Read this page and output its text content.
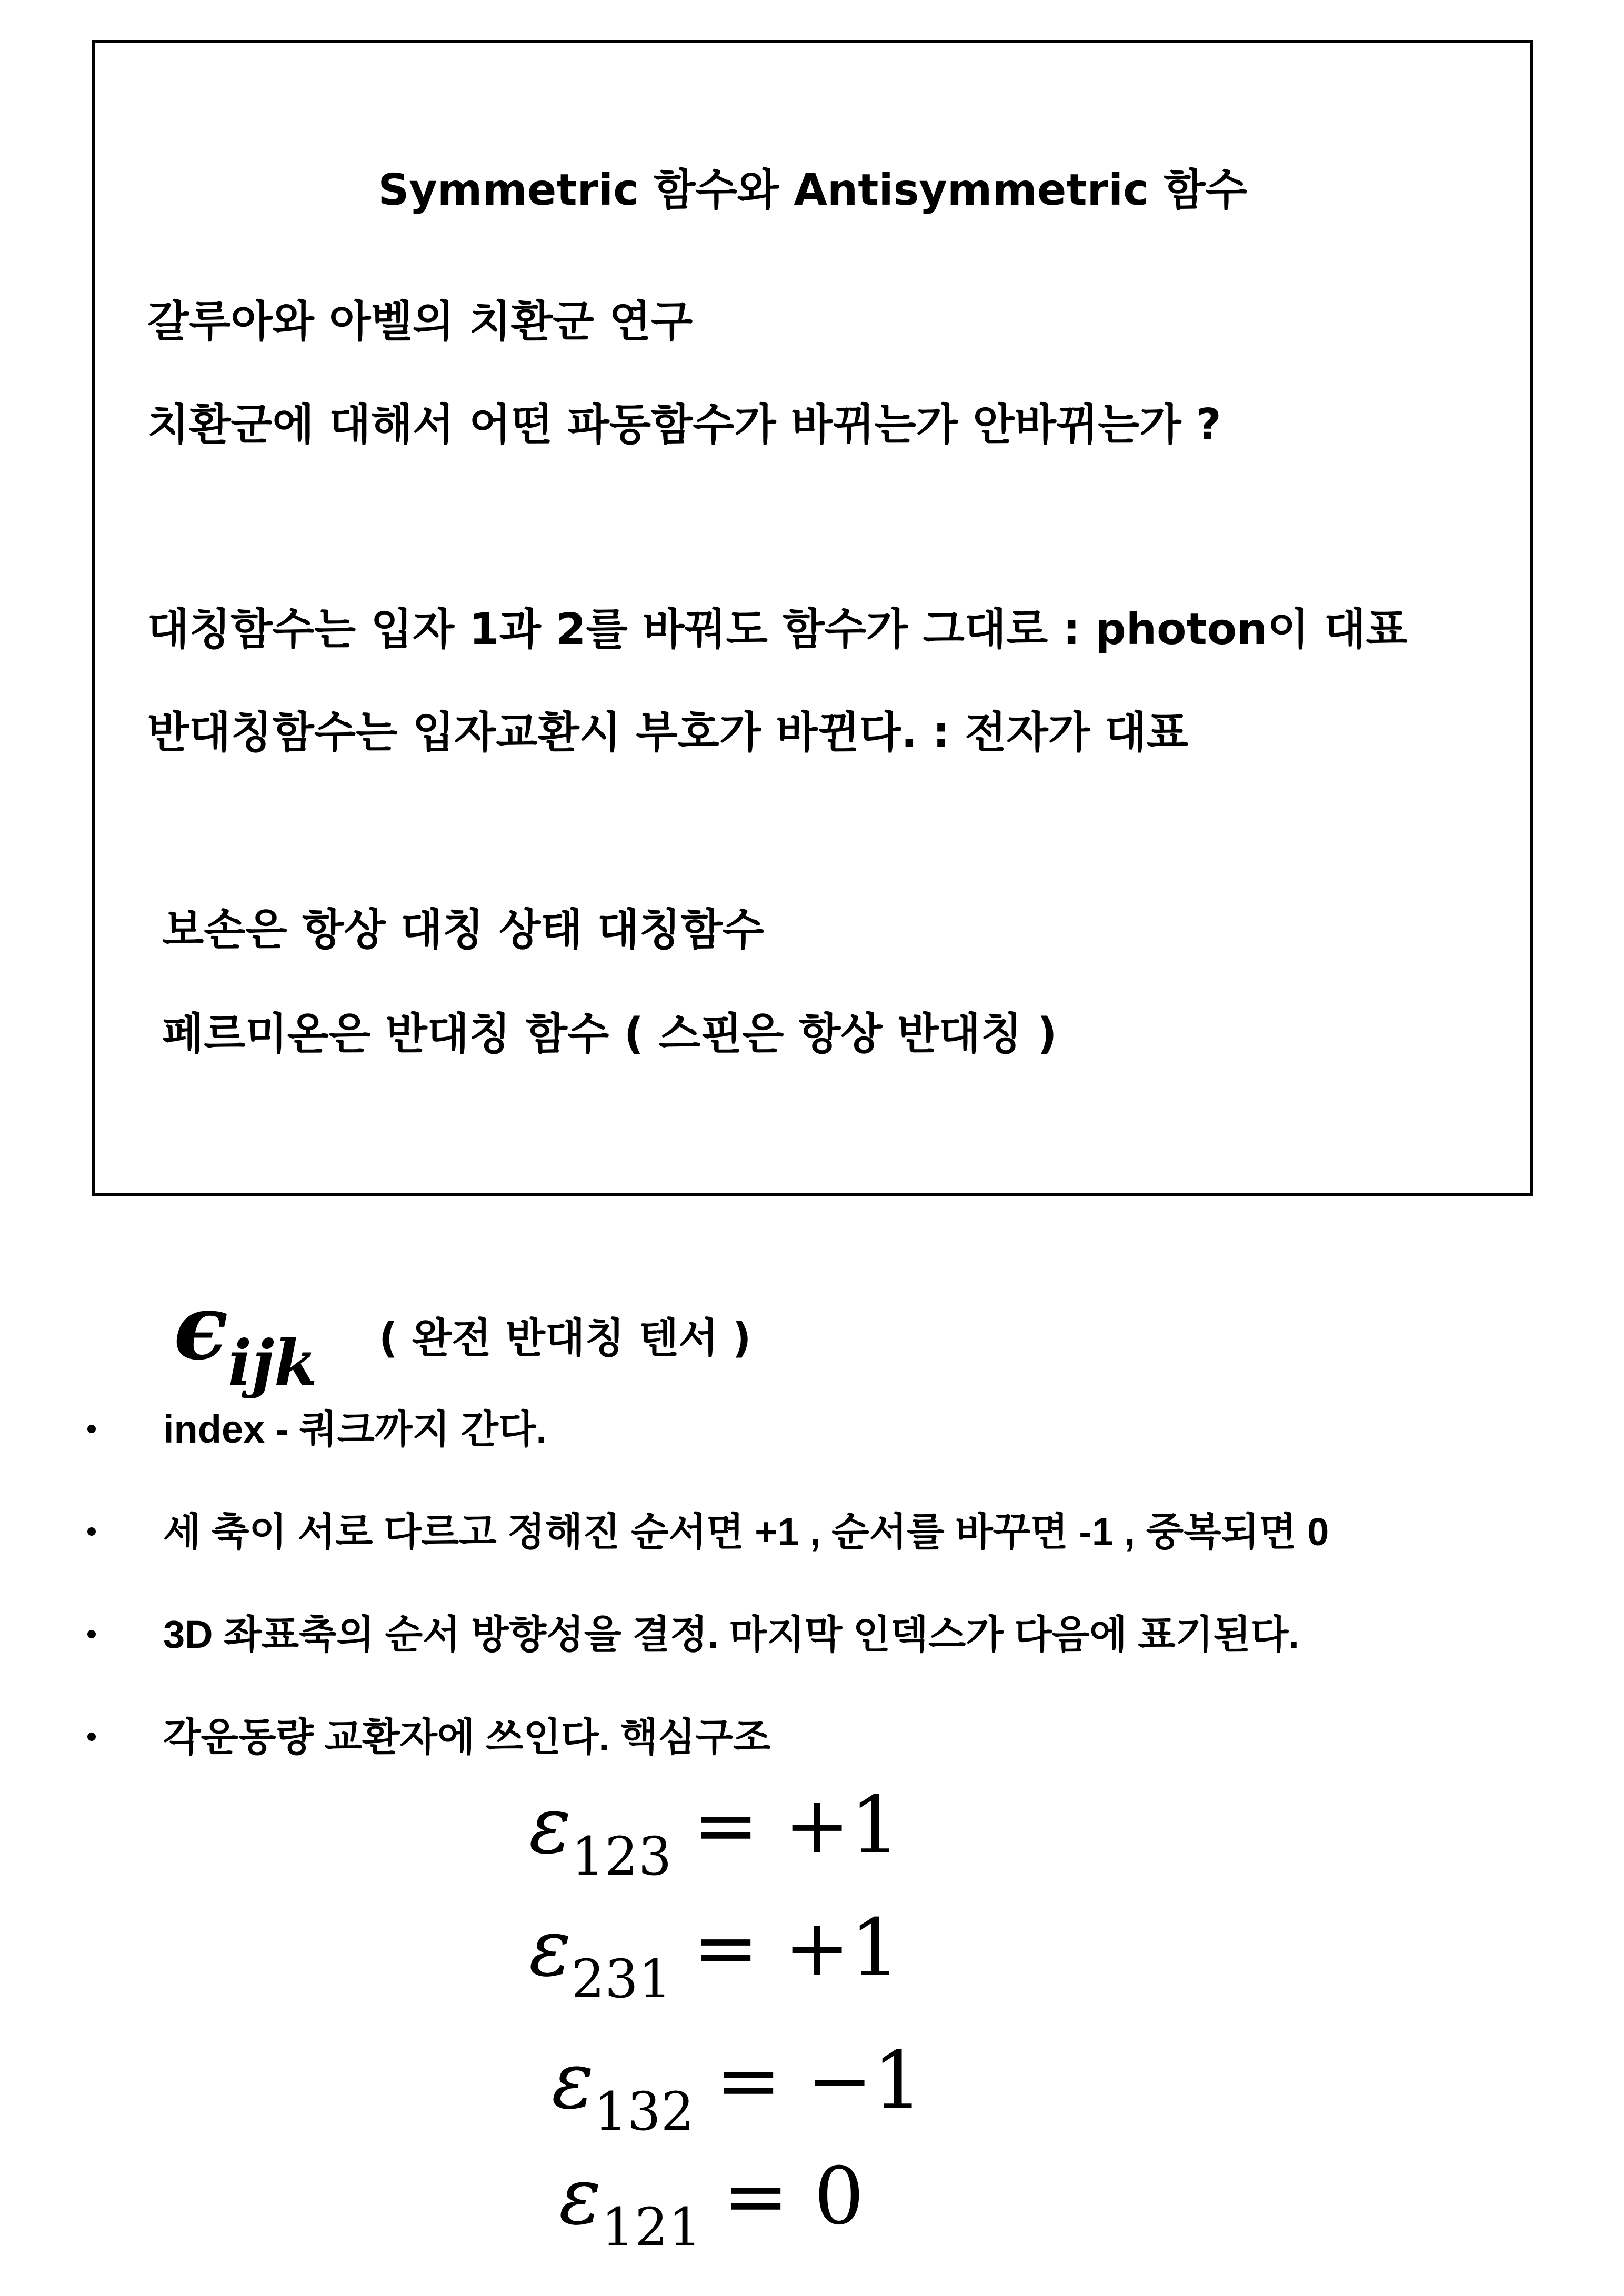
Symmetric 함수와 Antisymmetric 함수
갈루아와 아벨의 치환군 연구
치환군에 대해서 어떤 파동함수가 바뀌는가 안바뀌는가 ?
대칭함수는 입자 1과 2를 바꿔도 함수가 그대로 : photon이 대표
반대칭함수는 입자교환시 부호가 바뀐다. : 전자가 대표
보손은 항상 대칭 상태 대칭함수
페르미온은 반대칭 함수 ( 스핀은 항상 반대칭 )
ϵijk ( 완전 반대칭 텐서 )
index - 쿼크까지 간다.
세 축이 서로 다르고 정해진 순서면 +1 , 순서를 바꾸면 -1 , 중복되면 0
3D 좌표축의 순서 방향성을 결정. 마지막 인덱스가 다음에 표기된다.
각운동량 교환자에 쓰인다. 핵심구조
$\varepsilon_{123} = +1$
$\varepsilon_{231} = +1$
$\varepsilon_{132} = -1$
$\varepsilon_{121} = 0$
